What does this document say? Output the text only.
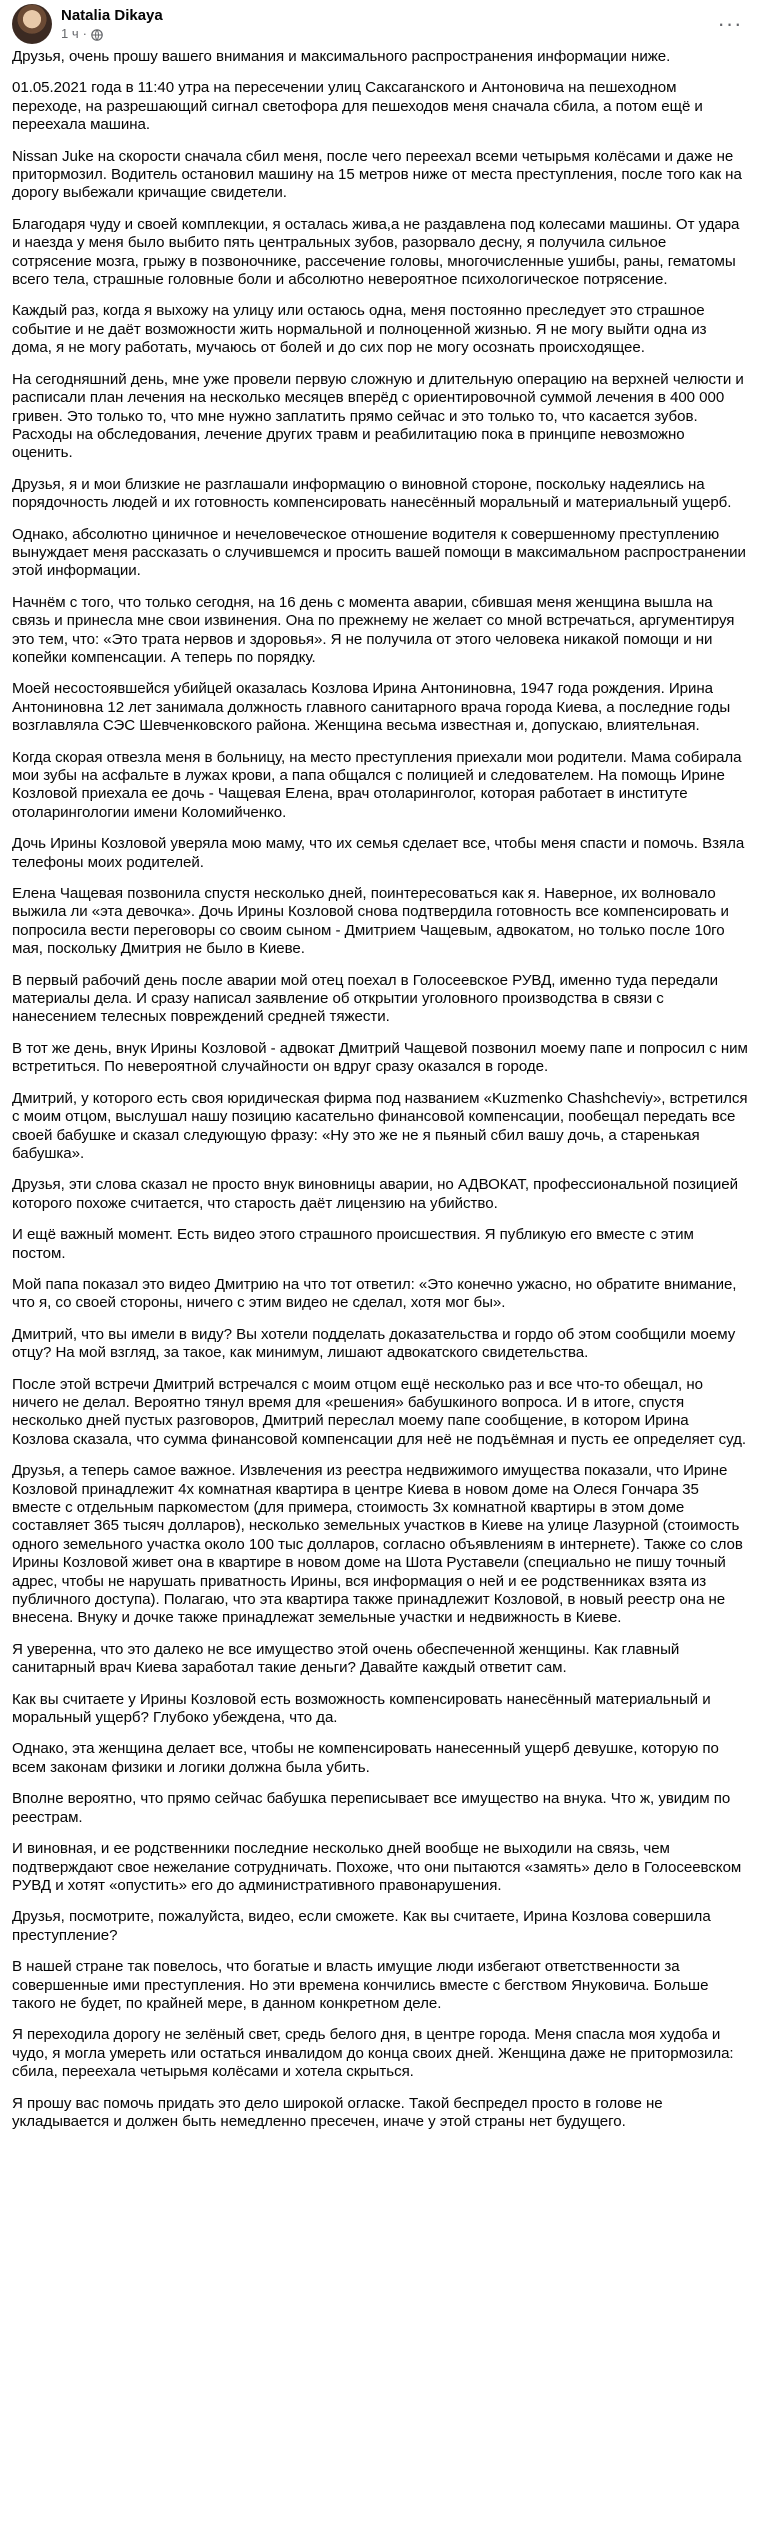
Natalia Dikaya
1 ч ·	···

Друзья, очень прошу вашего внимания и максимального распространения информации ниже.

01.05.2021 года в 11:40 утра на пересечении улиц Саксаганского и Антоновича на пешеходном переходе, на разрешающий сигнал светофора для пешеходов меня сначала сбила, а потом ещё и переехала машина.

Nissan Juke на скорости сначала сбил меня, после чего переехал всеми четырьмя колёсами и даже не притормозил. Водитель остановил машину на 15 метров ниже от места преступления, после того как на дорогу выбежали кричащие свидетели.

Благодаря чуду и своей комплекции, я осталась жива,а не раздавлена под колесами машины. От удара и наезда у меня было выбито пять центральных зубов, разорвало десну, я получила сильное сотрясение мозга, грыжу в позвоночнике, рассечение головы, многочисленные ушибы, раны, гематомы всего тела, страшные головные боли и абсолютно невероятное психологическое потрясение.

Каждый раз, когда я выхожу на улицу или остаюсь одна, меня постоянно преследует это страшное событие и не даёт возможности жить нормальной и полноценной жизнью. Я не могу выйти одна из дома, я не могу работать, мучаюсь от болей и до сих пор не могу осознать происходящее.

На сегодняшний день, мне уже провели первую сложную и длительную операцию на верхней челюсти и расписали план лечения на несколько месяцев вперёд с ориентировочной суммой лечения в 400 000 гривен. Это только то, что мне нужно заплатить прямо сейчас и это только то, что касается зубов. Расходы на обследования, лечение других травм и реабилитацию пока в принципе невозможно оценить.

Друзья, я и мои близкие не разглашали информацию о виновной стороне, поскольку надеялись на порядочность людей и их готовность компенсировать нанесённый моральный и материальный ущерб.

Однако, абсолютно циничное и нечеловеческое отношение водителя к совершенному преступлению вынуждает меня рассказать о случившемся и просить вашей помощи в максимальном распространении этой информации.

Начнём с того, что только сегодня, на 16 день с момента аварии, сбившая меня женщина вышла на связь и принесла мне свои извинения. Она по прежнему не желает со мной встречаться, аргументируя это тем, что: «Это трата нервов и здоровья». Я не получила от этого человека никакой помощи и ни копейки компенсации. А теперь по порядку.

Моей несостоявшейся убийцей оказалась Козлова Ирина Антониновна, 1947 года рождения. Ирина Антониновна 12 лет занимала должность главного санитарного врача города Киева, а последние годы возглавляла СЭС Шевченковского района. Женщина весьма известная и, допускаю, влиятельная.

Когда скорая отвезла меня в больницу, на место преступления приехали мои родители. Мама собирала мои зубы на асфальте в лужах крови, а папа общался с полицией и следователем. На помощь Ирине Козловой приехала ее дочь - Чащевая Елена, врач отоларинголог, которая работает в институте отоларингологии имени Коломийченко.

Дочь Ирины Козловой уверяла мою маму, что их семья сделает все, чтобы меня спасти и помочь. Взяла телефоны моих родителей.

Елена Чащевая позвонила спустя несколько дней, поинтересоваться как я. Наверное, их волновало выжила ли «эта девочка». Дочь Ирины Козловой снова подтвердила готовность все компенсировать и попросила вести переговоры со своим сыном - Дмитрием Чащевым, адвокатом, но только после 10го мая, поскольку Дмитрия не было в Киеве.

В первый рабочий день после аварии мой отец поехал в Голосеевское РУВД, именно туда передали материалы дела. И сразу написал заявление об открытии уголовного производства в связи с нанесением телесных повреждений средней тяжести.

В тот же день, внук Ирины Козловой - адвокат Дмитрий Чащевой позвонил моему папе и попросил с ним встретиться. По невероятной случайности он вдруг сразу оказался в городе.

Дмитрий, у которого есть своя юридическая фирма под названием «Kuzmenko Chashcheviy», встретился с моим отцом, выслушал нашу позицию касательно финансовой компенсации, пообещал передать все своей бабушке и сказал следующую фразу: «Ну это же не я пьяный сбил вашу дочь, а старенькая бабушка».

Друзья, эти слова сказал не просто внук виновницы аварии, но АДВОКАТ, профессиональной позицией которого похоже считается, что старость даёт лицензию на убийство.

И ещё важный момент. Есть видео этого страшного происшествия. Я публикую его вместе с этим постом.

Мой папа показал это видео Дмитрию на что тот ответил: «Это конечно ужасно, но обратите внимание, что я, со своей стороны, ничего с этим видео не сделал, хотя мог бы».

Дмитрий, что вы имели в виду? Вы хотели подделать доказательства и гордо об этом сообщили моему отцу? На мой взгляд, за такое, как минимум, лишают адвокатского свидетельства.

После этой встречи Дмитрий встречался с моим отцом ещё несколько раз и все что-то обещал, но ничего не делал. Вероятно тянул время для «решения» бабушкиного вопроса. И в итоге, спустя несколько дней пустых разговоров, Дмитрий переслал моему папе сообщение, в котором Ирина Козлова сказала, что сумма финансовой компенсации для неё не подъёмная и пусть ее определяет суд.

Друзья, а теперь самое важное. Извлечения из реестра недвижимого имущества показали, что Ирине Козловой принадлежит 4х комнатная квартира в центре Киева в новом доме на Олеся Гончара 35 вместе с отдельным паркоместом (для примера, стоимость 3х комнатной квартиры в этом доме составляет 365 тысяч долларов), несколько земельных участков в Киеве на улице Лазурной (стоимость одного земельного участка около 100 тыс долларов, согласно объявлениям в интернете). Также со слов Ирины Козловой живет она в квартире в новом доме на Шота Руставели (специально не пишу точный адрес, чтобы не нарушать приватность Ирины, вся информация о ней и ее родственниках взята из публичного доступа). Полагаю, что эта квартира также принадлежит Козловой, в новый реестр она не внесена. Внуку и дочке также принадлежат земельные участки и недвижность в Киеве.

Я уверенна, что это далеко не все имущество этой очень обеспеченной женщины. Как главный санитарный врач Киева заработал такие деньги? Давайте каждый ответит сам.

Как вы считаете у Ирины Козловой есть возможность компенсировать нанесённый материальный и моральный ущерб? Глубоко убеждена, что да.

Однако, эта женщина делает все, чтобы не компенсировать нанесенный ущерб девушке, которую по всем законам физики и логики должна была убить.

Вполне вероятно, что прямо сейчас бабушка переписывает все имущество на внука. Что ж, увидим по реестрам.

И виновная, и ее родственники последние несколько дней вообще не выходили на связь, чем подтверждают свое нежелание сотрудничать. Похоже, что они пытаются «замять» дело в Голосеевском РУВД и хотят «опустить» его до административного правонарушения.

Друзья, посмотрите, пожалуйста, видео, если сможете. Как вы считаете, Ирина Козлова совершила преступление?

В нашей стране так повелось, что богатые и власть имущие люди избегают ответственности за совершенные ими преступления. Но эти времена кончились вместе с бегством Януковича. Больше такого не будет, по крайней мере, в данном конкретном деле.

Я переходила дорогу не зелёный свет, средь белого дня, в центре города. Меня спасла моя худоба и чудо, я могла умереть или остаться инвалидом до конца своих дней. Женщина даже не притормозила: сбила, переехала четырьмя колёсами и хотела скрыться.

Я прошу вас помочь придать это дело широкой огласке. Такой беспредел просто в голове не укладывается и должен быть немедленно пресечен, иначе у этой страны нет будущего.
